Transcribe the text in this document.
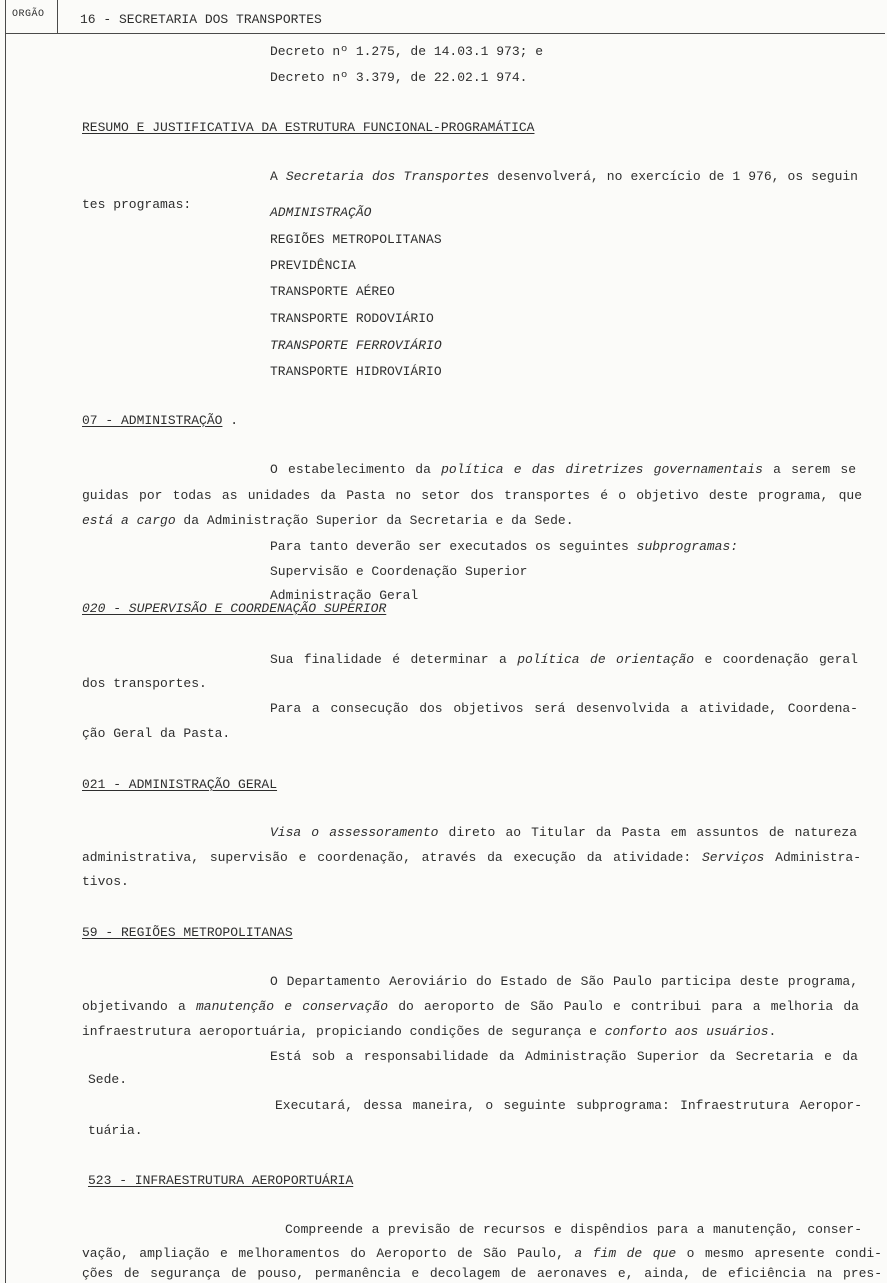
ORGÃO	16 - SECRETARIA DOS TRANSPORTES
Decreto nº 1.275, de 14.03.1 973; e
Decreto nº 3.379, de 22.02.1 974.
RESUMO E JUSTIFICATIVA DA ESTRUTURA FUNCIONAL-PROGRAMÁTICA
A Secretaria dos Transportes desenvolverá, no exercício de 1 976, os seguin
tes programas:
ADMINISTRAÇÃO
REGIÕES METROPOLITANAS
PREVIDÊNCIA
TRANSPORTE AÉREO
TRANSPORTE RODOVIÁRIO
TRANSPORTE FERROVIÁRIO
TRANSPORTE HIDROVIÁRIO
07 - ADMINISTRAÇÃO .
O estabelecimento da política e das diretrizes governamentais a serem se
guidas por todas as unidades da Pasta no setor dos transportes é o objetivo deste programa, que
está a cargo da Administração Superior da Secretaria e da Sede.
Para tanto deverão ser executados os seguintes subprogramas:
Supervisão e Coordenação Superior
Administração Geral
020 - SUPERVISÃO E COORDENAÇÃO SUPERIOR
Sua finalidade é determinar a política de orientação e coordenação geral
dos transportes.
Para a consecução dos objetivos será desenvolvida a atividade, Coordena-
ção Geral da Pasta.
021 - ADMINISTRAÇÃO GERAL
Visa o assessoramento direto ao Titular da Pasta em assuntos de natureza
administrativa, supervisão e coordenação, através da execução da atividade: Serviços Administra-
tivos.
59 - REGIÕES METROPOLITANAS
O Departamento Aeroviário do Estado de São Paulo participa deste programa,
objetivando a manutenção e conservação do aeroporto de São Paulo e contribui para a melhoria da
infraestrutura aeroportuária, propiciando condições de segurança e conforto aos usuários.
Está sob a responsabilidade da Administração Superior da Secretaria e da
Sede.
Executará, dessa maneira, o seguinte subprograma: Infraestrutura Aeropor-
tuária.
523 - INFRAESTRUTURA AEROPORTUÁRIA
Compreende a previsão de recursos e dispêndios para a manutenção, conser-
vação, ampliação e melhoramentos do Aeroporto de São Paulo, a fim de que o mesmo apresente condi-
ções de segurança de pouso, permanência e decolagem de aeronaves e, ainda, de eficiência na pres-
